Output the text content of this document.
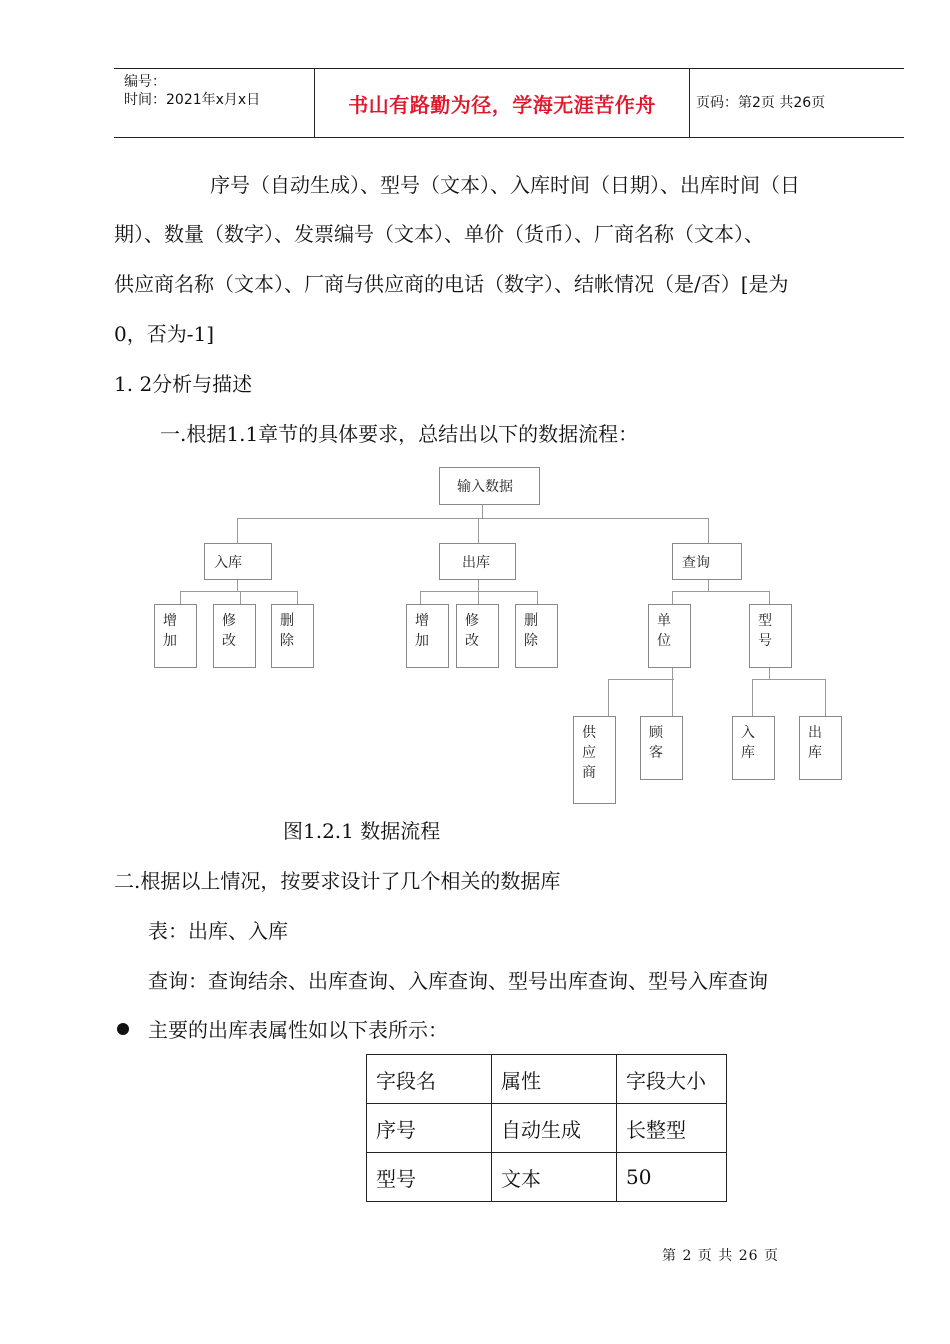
编号：
时间：2021年x月x日	书山有路勤为径，学海无涯苦作舟	页码：第2页 共26页
序号（自动生成）、型号（文本）、入库时间（日期）、出库时间（日
期）、数量（数字）、发票编号（文本）、单价（货币）、厂商名称（文本）、
供应商名称（文本）、厂商与供应商的电话（数字）、结帐情况（是/否）[是为
0，否为-1]
1. 2分析与描述
一.根据1.1章节的具体要求，总结出以下的数据流程：
输入数据
入库	出库	查询
增
加
修
改
删
除
增
加
修
改
删
除
单
位
型
号
供
应
商
顾
客
入
库
出
库
图1.2.1 数据流程
二.根据以上情况，按要求设计了几个相关的数据库
表：出库、入库
查询：查询结余、出库查询、入库查询、型号出库查询、型号入库查询
主要的出库表属性如以下表所示：
字段名	属性	字段大小
序号	自动生成	长整型
型号	文本	50
第 2 页 共 26 页
